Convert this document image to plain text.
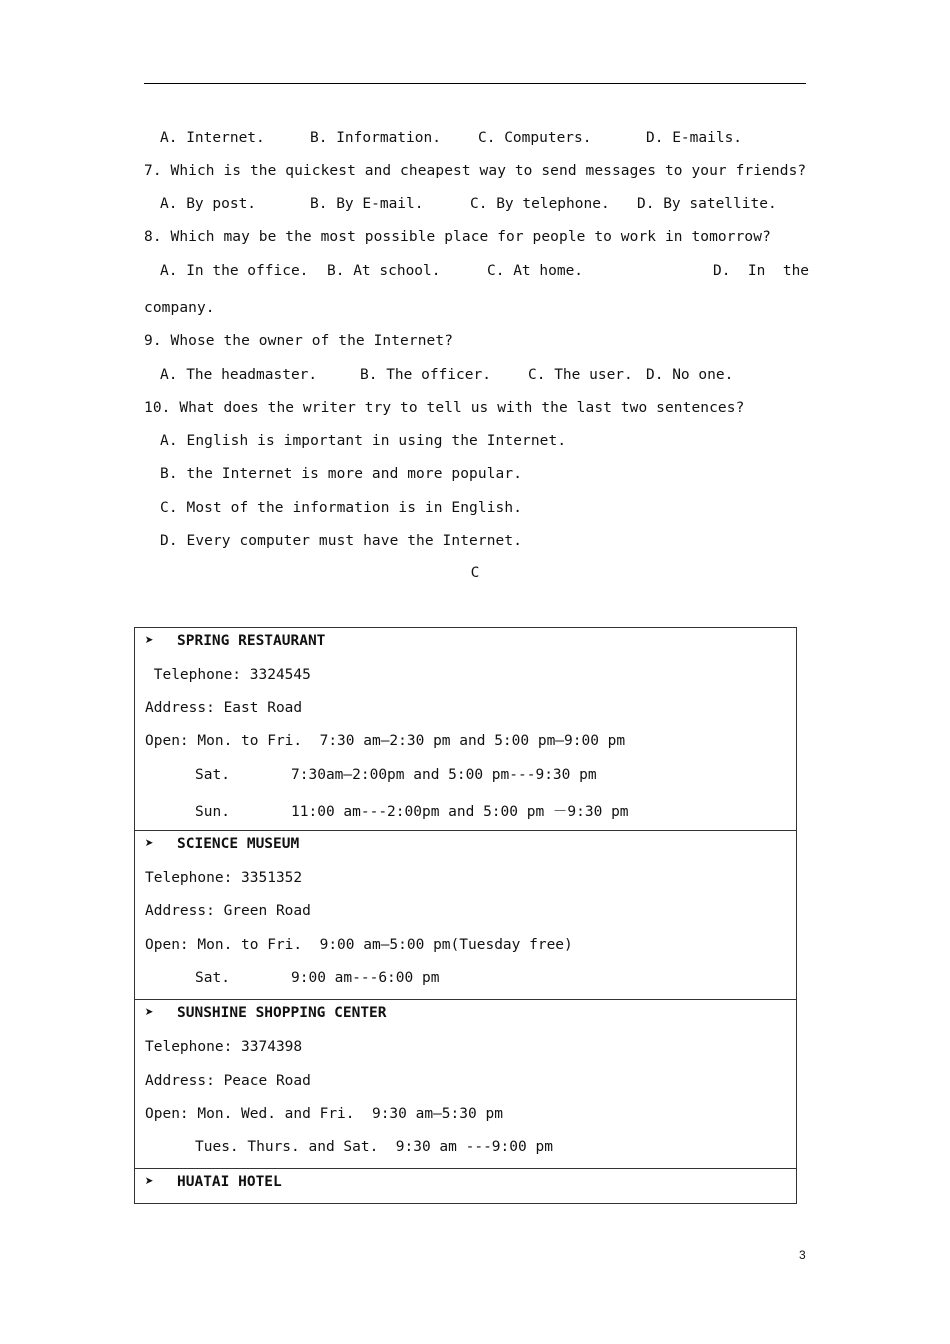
A. Internet.

	B. Information.

	C. Computers.

	D. E-mails.

7. Which is the quickest and cheapest way to send messages to your friends?

A. By post.

	B. By E-mail.

	C. By telephone.

D. By satellite.

8. Which may be the most possible place for people to work in tomorrow?

A. In the office.

B. At school.

	C. At home.

	D.  In  the

company.
9. Whose the owner of the Internet?

A. The headmaster.

	B. The officer.

	C. The user.

D. No one.

10. What does the writer try to tell us with the last two sentences?
A. English is important in using the Internet.
B. the Internet is more and more popular.
C. Most of the information is in English.
D. Every computer must have the Internet.
C
➤ SPRING RESTAURANT
Telephone: 3324545
Address: East Road
Open: Mon. to Fri.  7:30 am—2:30 pm and 5:00 pm—9:00 pm
Sat.       7:30am—2:00pm and 5:00 pm---9:30 pm
Sun.       11:00 am---2:00pm and 5:00 pm －9:30 pm
➤ SCIENCE MUSEUM
Telephone: 3351352
Address: Green Road
Open: Mon. to Fri.  9:00 am—5:00 pm(Tuesday free)
Sat.       9:00 am---6:00 pm
➤ SUNSHINE SHOPPING CENTER
Telephone: 3374398
Address: Peace Road
Open: Mon. Wed. and Fri.  9:30 am—5:30 pm
Tues. Thurs. and Sat.  9:30 am ---9:00 pm
➤ HUATAI HOTEL
3
